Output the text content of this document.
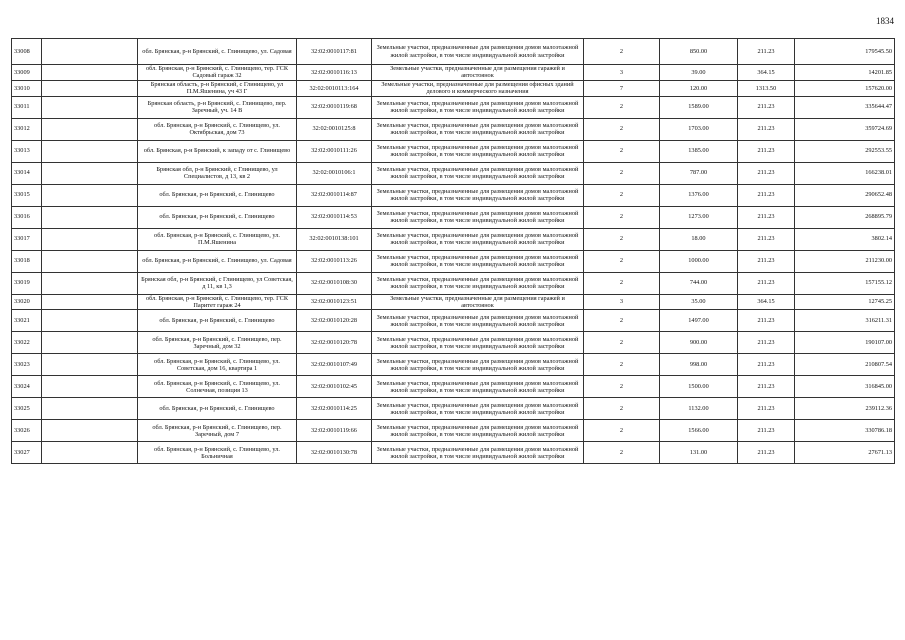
1834
33008		обл. Брянская, р-н Брянский, с. Глинищево, ул. Садовая	32:02:0010117:81	Земельные участки, предназначенные для размещения домов малоэтажной жилой застройки, в том числе индивидуальной жилой застройки	2	850.00	211.23	179545.50
33009		обл. Брянская, р-н Брянский, с. Глинищево, тер. ГСК Садовый гараж 32	32:02:0010116:13	Земельные участки, предназначенные для размещения гаражей и автостоянок	3	39.00	364.15	14201.85
33010		Брянская область, р-н Брянский, с Глинищево, ул П.М.Яшенина, уч 43 Г	32:02:0010113:164	Земельные участки, предназначенные для размещения офисных зданий делового и коммерческого назначения	7	120.00	1313.50	157620.00
33011		Брянская область, р-н Брянский, с. Глинищево, пер. Заречный, уч. 14 В	32:02:0010119:68	Земельные участки, предназначенные для размещения домов малоэтажной жилой застройки, в том числе индивидуальной жилой застройки	2	1589.00	211.23	335644.47
33012		обл. Брянская, р-н Брянский, с. Глинищево, ул. Октябрьская, дом 73	32:02:0010125:8	Земельные участки, предназначенные для размещения домов малоэтажной жилой застройки, в том числе индивидуальной жилой застройки	2	1703.00	211.23	359724.69
33013		обл. Брянская, р-н Брянский, к западу от с. Глинищево	32:02:0010111:26	Земельные участки, предназначенные для размещения домов малоэтажной жилой застройки, в том числе индивидуальной жилой застройки	2	1385.00	211.23	292553.55
33014		Брянская обл, р-н Брянский, с Глинищево, ул Специалистов, д 13, кв 2	32:02:0010106:1	Земельные участки, предназначенные для размещения домов малоэтажной жилой застройки, в том числе индивидуальной жилой застройки	2	787.00	211.23	166238.01
33015		обл. Брянская, р-н Брянский, с. Глинищево	32:02:0010114:87	Земельные участки, предназначенные для размещения домов малоэтажной жилой застройки, в том числе индивидуальной жилой застройки	2	1376.00	211.23	290652.48
33016		обл. Брянская, р-н Брянский, с. Глинищево	32:02:0010114:53	Земельные участки, предназначенные для размещения домов малоэтажной жилой застройки, в том числе индивидуальной жилой застройки	2	1273.00	211.23	268895.79
33017		обл. Брянская, р-н Брянский, с. Глинищево, ул. П.М.Яшенина	32:02:0010138:101	Земельные участки, предназначенные для размещения домов малоэтажной жилой застройки, в том числе индивидуальной жилой застройки	2	18.00	211.23	3802.14
33018		обл. Брянская, р-н Брянский, с. Глинищево, ул. Садовая	32:02:0010113:26	Земельные участки, предназначенные для размещения домов малоэтажной жилой застройки, в том числе индивидуальной жилой застройки	2	1000.00	211.23	211230.00
33019		Брянская обл, р-н Брянский, с Глинищево, ул Советская, д 11, кв 1,3	32:02:0010108:30	Земельные участки, предназначенные для размещения домов малоэтажной жилой застройки, в том числе индивидуальной жилой застройки	2	744.00	211.23	157155.12
33020		обл. Брянская, р-н Брянский, с. Глинищево, тер. ГСК Паритет гараж 24	32:02:0010123:51	Земельные участки, предназначенные для размещения гаражей и автостоянок	3	35.00	364.15	12745.25
33021		обл. Брянская, р-н Брянский, с. Глинищево	32:02:0010120:28	Земельные участки, предназначенные для размещения домов малоэтажной жилой застройки, в том числе индивидуальной жилой застройки	2	1497.00	211.23	316211.31
33022		обл. Брянская, р-н Брянский, с. Глинищево, пер. Заречный, дом 32	32:02:0010120:78	Земельные участки, предназначенные для размещения домов малоэтажной жилой застройки, в том числе индивидуальной жилой застройки	2	900.00	211.23	190107.00
33023		обл. Брянская, р-н Брянский, с. Глинищево, ул. Советская, дом 16, квартира 1	32:02:0010107:49	Земельные участки, предназначенные для размещения домов малоэтажной жилой застройки, в том числе индивидуальной жилой застройки	2	998.00	211.23	210807.54
33024		обл. Брянская, р-н Брянский, с. Глинищево, ул. Солнечная, позиция 13	32:02:0010102:45	Земельные участки, предназначенные для размещения домов малоэтажной жилой застройки, в том числе индивидуальной жилой застройки	2	1500.00	211.23	316845.00
33025		обл. Брянская, р-н Брянский, с. Глинищево	32:02:0010114:25	Земельные участки, предназначенные для размещения домов малоэтажной жилой застройки, в том числе индивидуальной жилой застройки	2	1132.00	211.23	239112.36
33026		обл. Брянская, р-н Брянский, с. Глинищево, пер. Заречный, дом 7	32:02:0010119:66	Земельные участки, предназначенные для размещения домов малоэтажной жилой застройки, в том числе индивидуальной жилой застройки	2	1566.00	211.23	330786.18
33027		обл. Брянская, р-н Брянский, с. Глинищево, ул. Больничная	32:02:0010130:78	Земельные участки, предназначенные для размещения домов малоэтажной жилой застройки, в том числе индивидуальной жилой застройки	2	131.00	211.23	27671.13
